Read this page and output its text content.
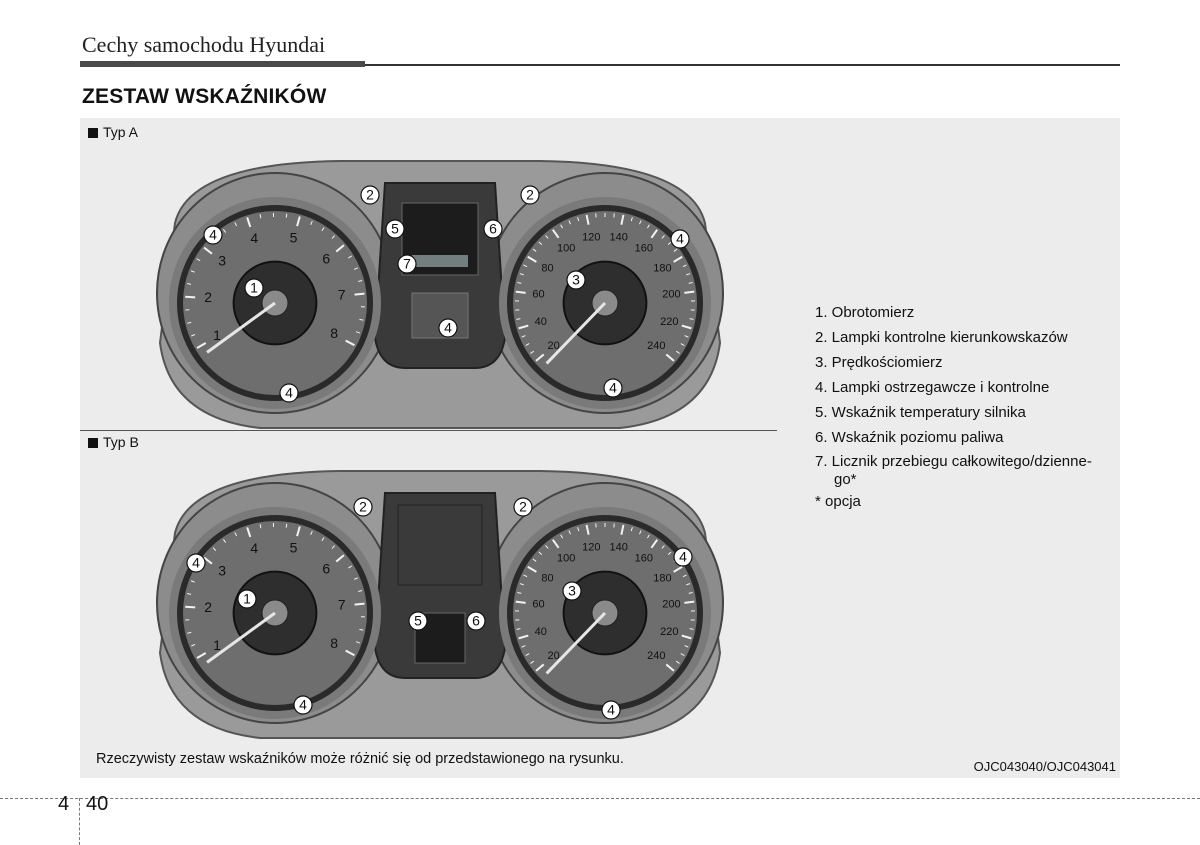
Cechy samochodu Hyundai
ZESTAW WSKAŹNIKÓW
Typ A
Typ B
1
2
3
4 5
6
7
8
20
40
60
80
100
120 140
160
180
200
220
240
2	2
5	6
7
4	4
4
4	4
1	3
1
2
3
4 5
6
7
8
20
40
60
80
100
120 140
160
180
200
220
240
2	2
5	6
4	4
4	4
1	3
1. Obrotomierz
2. Lampki kontrolne kierunkowskazów
3. Prędkościomierz
4. Lampki ostrzegawcze i kontrolne
5. Wskaźnik temperatury silnika
6. Wskaźnik poziomu paliwa
7. Licznik przebiegu całkowitego/dzienne-
go*
* opcja
Rzeczywisty zestaw wskaźników może różnić się od przedstawionego na rysunku.	OJC043040/OJC043041
4 40
